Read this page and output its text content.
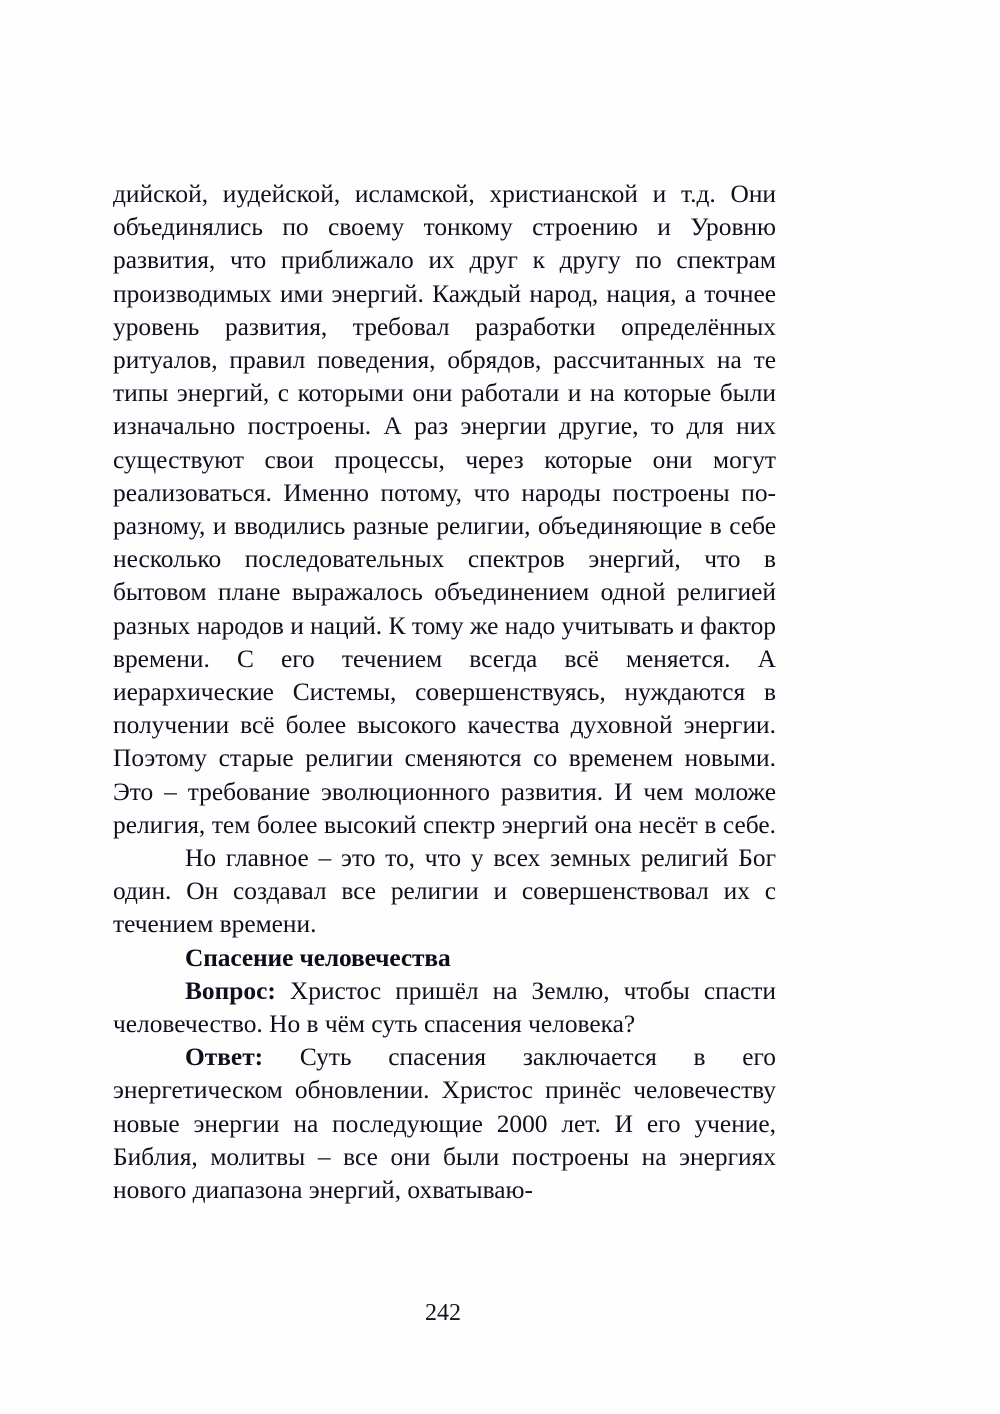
дийской, иудейской, исламской, христианской и т.д. Они объединялись по своему тонкому строению и Уровню развития, что приближало их друг к другу по спектрам производимых ими энергий. Каждый народ, нация, а точнее уровень развития, требовал разработки определённых ритуалов, правил поведения, обрядов, рассчитанных на те типы энергий, с которыми они работали и на которые были изначально построены. А раз энергии другие, то для них существуют свои процессы, через которые они могут реализоваться. Именно потому, что народы построены по-разному, и вводились разные религии, объединяющие в себе несколько последовательных спектров энергий, что в бытовом плане выражалось объединением одной религией разных народов и наций. К тому же надо учитывать и фактор времени. С его течением всегда всё меняется. А иерархические Системы, совершенствуясь, нуждаются в получении всё более высокого качества духовной энергии. Поэтому старые религии сменяются со временем новыми. Это – требование эволюционного развития. И чем моложе религия, тем более высокий спектр энергий она несёт в себе.

Но главное – это то, что у всех земных религий Бог один. Он создавал все религии и совершенствовал их с течением времени.

Спасение человечества

Вопрос: Христос пришёл на Землю, чтобы спасти человечество. Но в чём суть спасения человека?

Ответ: Суть спасения заключается в его энергетическом обновлении. Христос принёс человечеству новые энергии на последующие 2000 лет. И его учение, Библия, молитвы – все они были построены на энергиях нового диапазона энергий, охватываю-

242
